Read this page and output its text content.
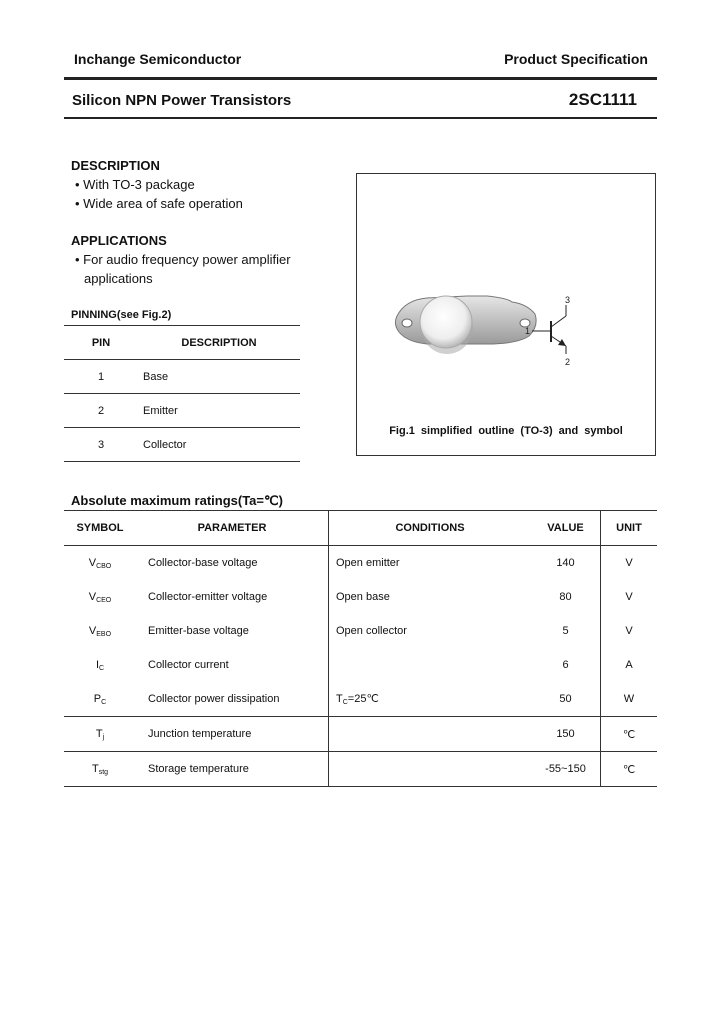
Inchange Semiconductor	Product Specification
Silicon NPN Power Transistors	2SC1111
DESCRIPTION
• With TO-3 package
• Wide area of safe operation
APPLICATIONS
• For audio frequency power amplifier
applications
PINNING(see Fig.2)
PIN	DESCRIPTION
1	Base
2	Emitter
3	Collector
3
1
2
Fig.1 simplified outline (TO-3) and symbol
Absolute maximum ratings(Ta=℃)
SYMBOL	PARAMETER	CONDITIONS	VALUE	UNIT
$V_{CBO}$	Collector-base voltage	Open emitter	140	V
$V_{CEO}$	Collector-emitter voltage	Open base	80	V
$V_{EBO}$	Emitter-base voltage	Open collector	5	V
$I_C$	Collector current		6	A
$P_C$	Collector power dissipation	$T_C=25℃$	50	W
$T_j$	Junction temperature		150	℃
$T_{stg}$	Storage temperature		-55~150	℃
